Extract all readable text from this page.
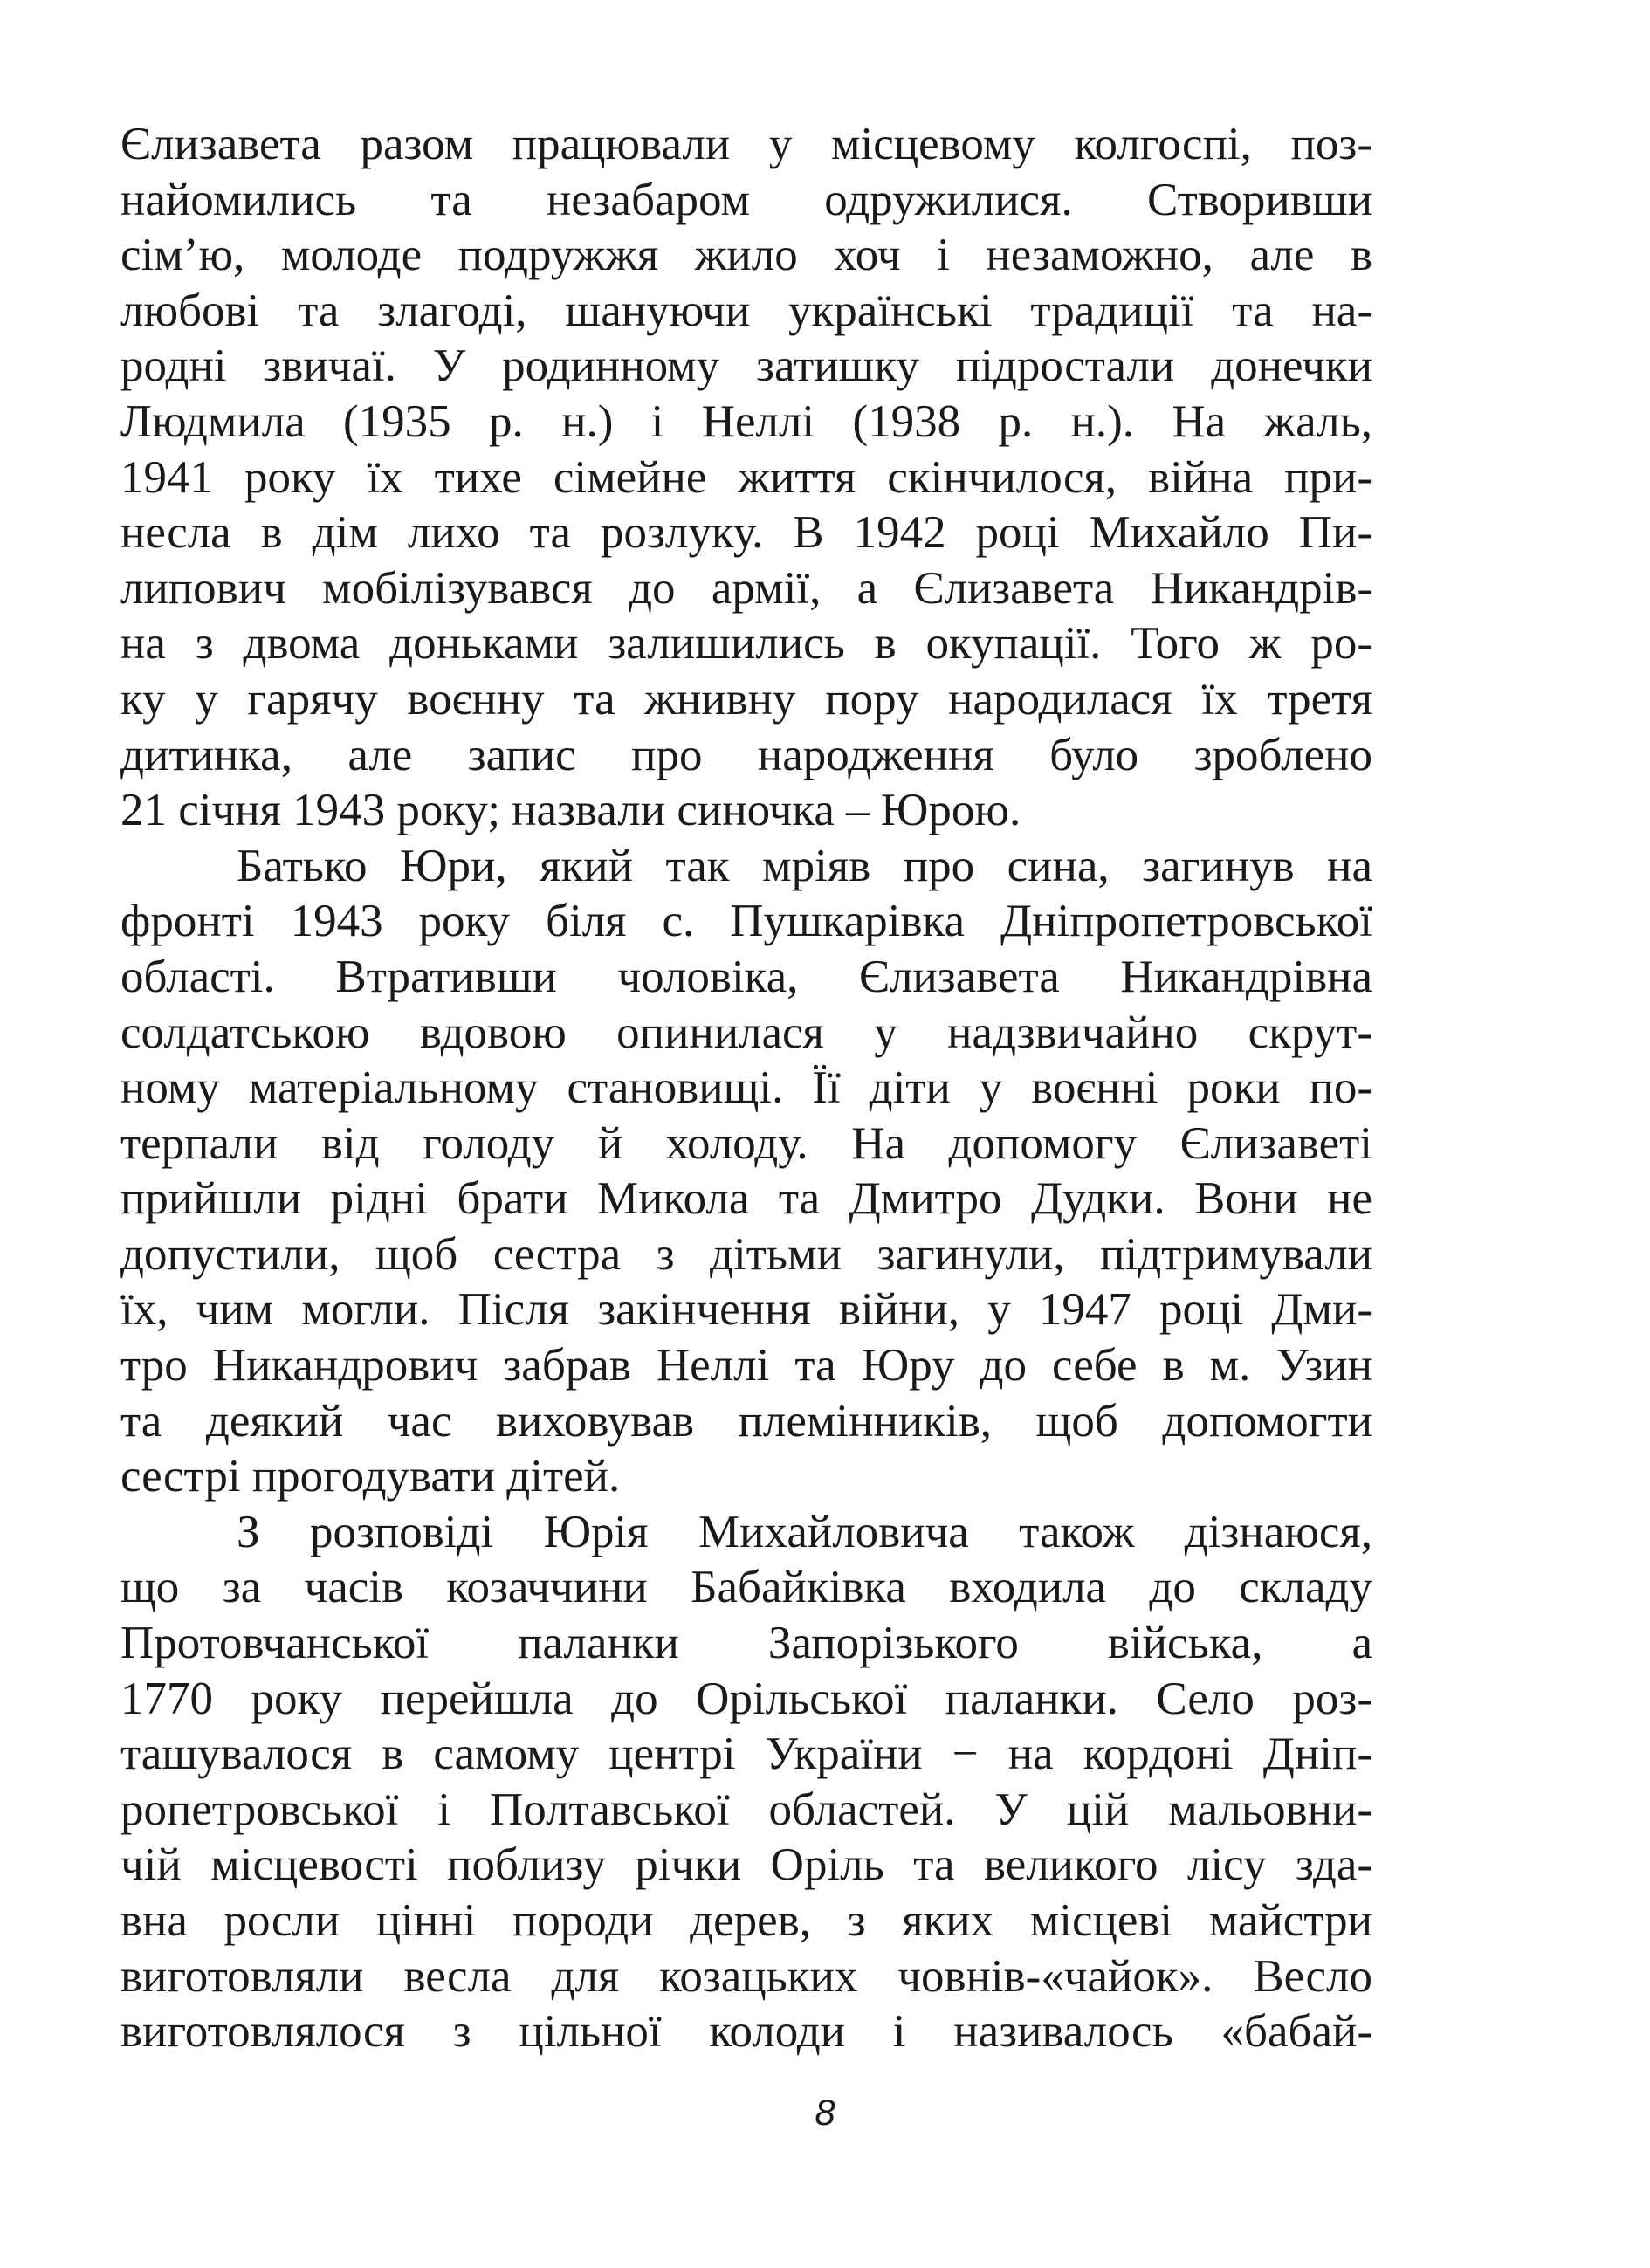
Єлизавета разом працювали у місцевому колгоспі, поз-
найомились та незабаром одружилися. Створивши
сім’ю, молоде подружжя жило хоч і незаможно, але в
любові та злагоді, шануючи українські традиції та на-
родні звичаї. У родинному затишку підростали донечки
Людмила (1935 р. н.) і Неллі (1938 р. н.). На жаль,
1941 року їх тихе сімейне життя скінчилося, війна при-
несла в дім лихо та розлуку. В 1942 році Михайло Пи-
липович мобілізувався до армії, а Єлизавета Никандрів-
на з двома доньками залишились в окупації. Того ж ро-
ку у гарячу воєнну та жнивну пору народилася їх третя
дитинка, але запис про народження було зроблено
21 січня 1943 року; назвали синочка – Юрою.
Батько Юри, який так мріяв про сина, загинув на
фронті 1943 року біля с. Пушкарівка Дніпропетровської
області. Втративши чоловіка, Єлизавета Никандрівна
солдатською вдовою опинилася у надзвичайно скрут-
ному матеріальному становищі. Її діти у воєнні роки по-
терпали від голоду й холоду. На допомогу Єлизаветі
прийшли рідні брати Микола та Дмитро Дудки. Вони не
допустили, щоб сестра з дітьми загинули, підтримували
їх, чим могли. Після закінчення війни, у 1947 році Дми-
тро Никандрович забрав Неллі та Юру до себе в м. Узин
та деякий час виховував племінників, щоб допомогти
сестрі прогодувати дітей.
З розповіді Юрія Михайловича також дізнаюся,
що за часів козаччини Бабайківка входила до складу
Протовчанської паланки Запорізького війська, а
1770 року перейшла до Орільської паланки. Село роз-
ташувалося в самому центрі України − на кордоні Дніп-
ропетровської і Полтавської областей. У цій мальовни-
чій місцевості поблизу річки Оріль та великого лісу зда-
вна росли цінні породи дерев, з яких місцеві майстри
виготовляли весла для козацьких човнів-«чайок». Весло
виготовлялося з цільної колоди і називалось «бабай-
8
